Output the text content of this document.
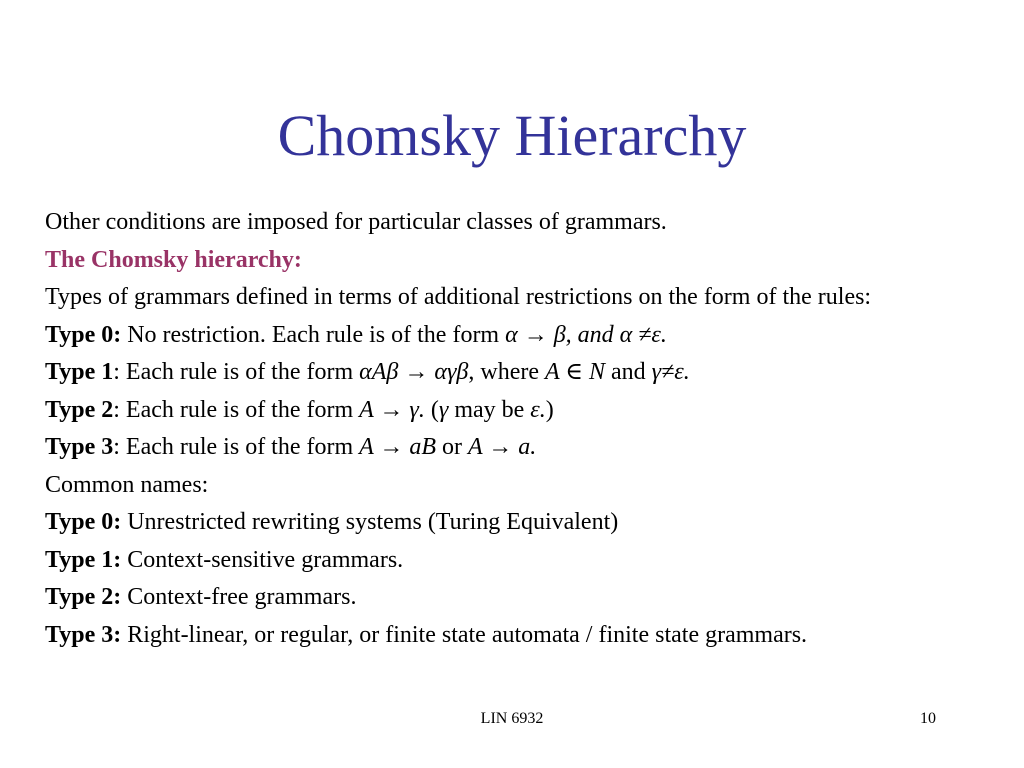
Chomsky Hierarchy

Other conditions are imposed for particular classes of grammars.

The Chomsky hierarchy:

Types of grammars defined in terms of additional restrictions on the form of the rules:

Type 0: No restriction. Each rule is of the form α → β, and α ≠ε.

Type 1: Each rule is of the form αAβ → αγβ, where A ∈ N and γ≠ε.

Type 2: Each rule is of the form A → γ. (γ may be ε.)

Type 3: Each rule is of the form A → aB or A → a.

Common names:

Type 0: Unrestricted rewriting systems (Turing Equivalent)

Type 1: Context-sensitive grammars.

Type 2: Context-free grammars.

Type 3: Right-linear, or regular, or finite state automata / finite state grammars.

LIN 6932	10
